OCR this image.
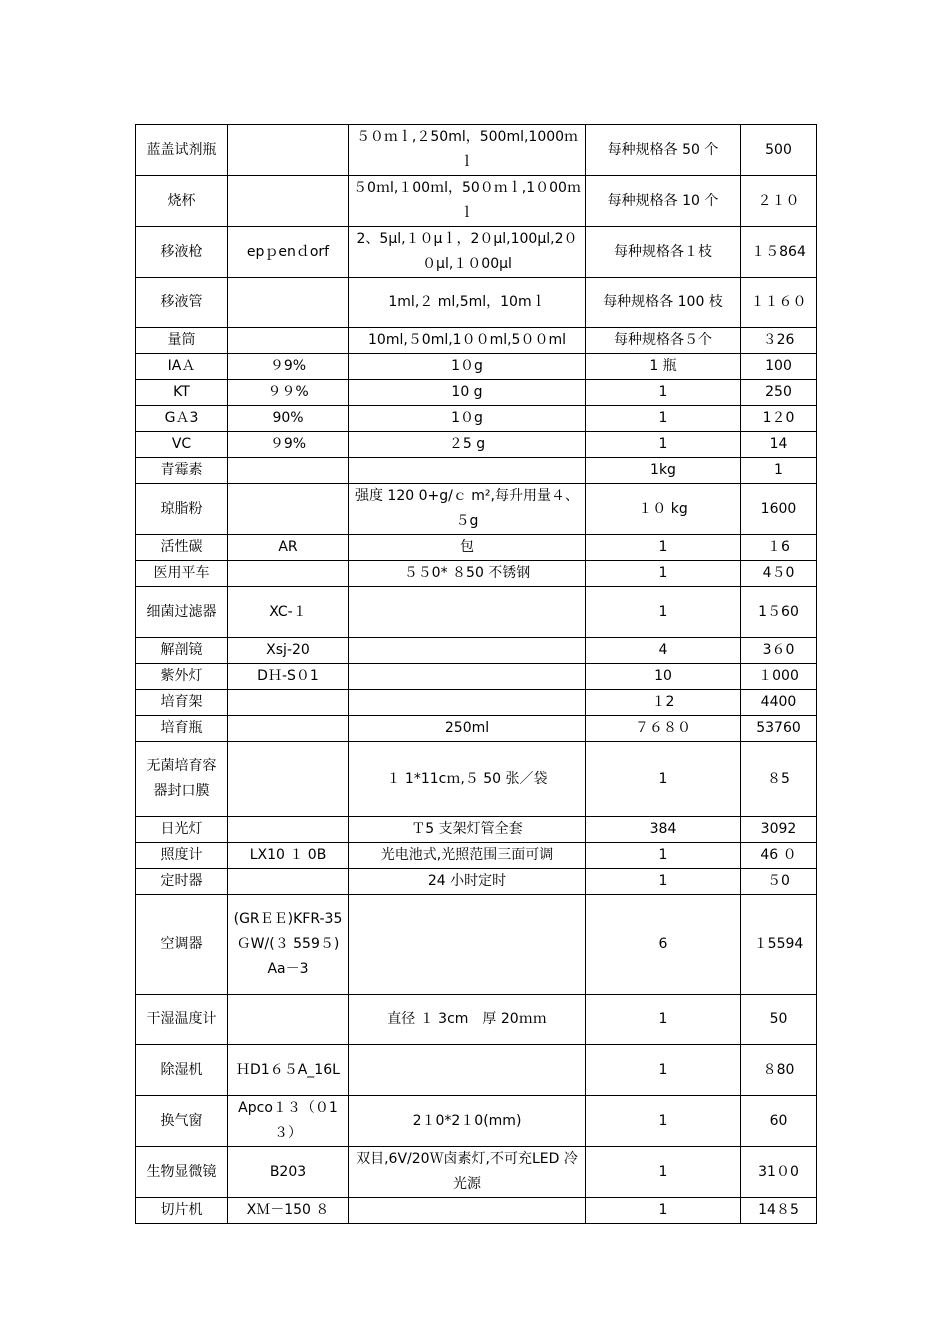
蓝盖试剂瓶		５０ｍｌ,２50ml，500ml,1000ｍｌ	每种规格各 50 个	500
烧杯		５0ｍl,１00ｍl，50０ｍｌ,1０00ｍｌ	每种规格各 10 个	２１０
移液枪	epｐenｄorf	2、5μl,１０μｌ，2０μl,100μl,2００μl,１０00μl	每种规格各１枝	１５864
移液管		1ml,２ ml,5ml，10mｌ	每种规格各 100 枝	１１６０
量筒		10ml,５0ml,1００ml,5００ml	每种规格各５个	３26
IAＡ	９9%	1０g	1 瓶	100
KT	９９%	10 g	1	250
GＡ3	90%	1０g	1	1２0
VC	９9%	２5 g	1	14
青霉素			1kg	1
琼脂粉		强度 120 0+g/ｃ m²,每升用量４、５g	１０ kg	1600
活性碳	AR	包	1	１6
医用平车		５５0* ８50 不锈钢	1	4５0
细菌过滤器	XC-１		1	1５60
解剖镜	Xsj-20		4	3６0
紫外灯	DＨ-S０1		10	１000
培育架			１2	4400
培育瓶		250ml	７６８０	53760
无菌培育容器封口膜		１ 1*11cｍ,５ 50 张／袋	1	８5
日光灯		Ｔ5 支架灯管全套	384	3092
照度计	LX10 １ 0B	光电池式,光照范围三面可调	1	46 ０
定时器		24 小时定时	1	５0
空调器	(GRＥＥ)KFR-35ＧW/(３ 559５)Aa－3		6	１5594
干湿温度计		直径 １ 3cm　厚 20ｍｍ	1	50
除湿机	ＨD1６５A_16L		1	８80
换气窗	Apco１３（０1３）	2１0*2１0(mm)	1	60
生物显微镜	B203	双目,6V/20Ｗ卤素灯,不可充LED 冷光源	1	31０0
切片机	XＭ－150 ８		1	14８5
